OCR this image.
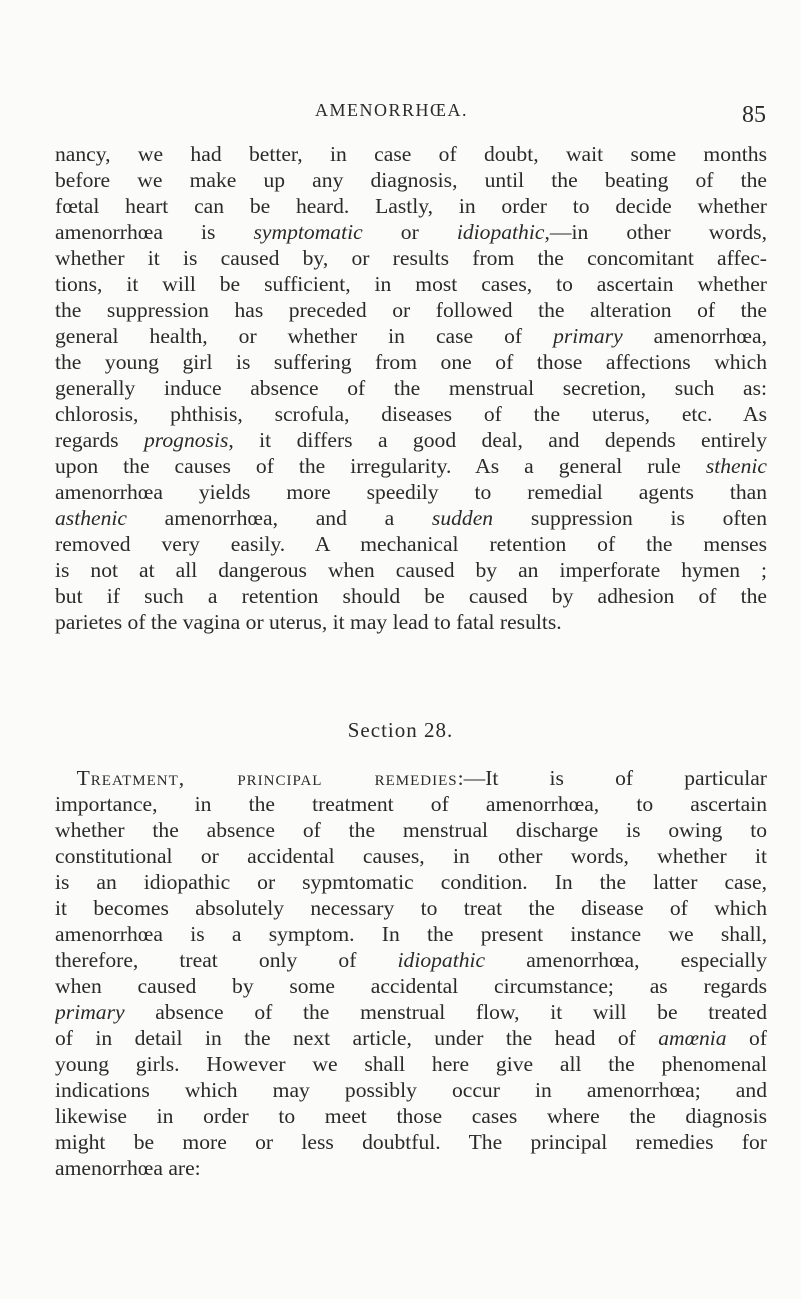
AMENORRHŒA.	85
nancy, we had better, in case of doubt, wait some months
before we make up any diagnosis, until the beating of the
fœtal heart can be heard. Lastly, in order to decide whether
amenorrhœa is symptomatic or idiopathic,—in other words,
whether it is caused by, or results from the concomitant affec-
tions, it will be sufficient, in most cases, to ascertain whether
the suppression has preceded or followed the alteration of the
general health, or whether in case of primary amenorrhœa,
the young girl is suffering from one of those affections which
generally induce absence of the menstrual secretion, such as:
chlorosis, phthisis, scrofula, diseases of the uterus, etc. As
regards prognosis, it differs a good deal, and depends entirely
upon the causes of the irregularity. As a general rule sthenic
amenorrhœa yields more speedily to remedial agents than
asthenic amenorrhœa, and a sudden suppression is often
removed very easily. A mechanical retention of the menses
is not at all dangerous when caused by an imperforate hymen ;
but if such a retention should be caused by adhesion of the
parietes of the vagina or uterus, it may lead to fatal results.
Section 28.
 Treatment, principal remedies:—It is of particular
importance, in the treatment of amenorrhœa, to ascertain
whether the absence of the menstrual discharge is owing to
constitutional or accidental causes, in other words, whether it
is an idiopathic or sypmtomatic condition. In the latter case,
it becomes absolutely necessary to treat the disease of which
amenorrhœa is a symptom. In the present instance we shall,
therefore, treat only of idiopathic amenorrhœa, especially
when caused by some accidental circumstance; as regards
primary absence of the menstrual flow, it will be treated
of in detail in the next article, under the head of amœnia of
young girls. However we shall here give all the phenomenal
indications which may possibly occur in amenorrhœa; and
likewise in order to meet those cases where the diagnosis
might be more or less doubtful. The principal remedies for
amenorrhœa are:
